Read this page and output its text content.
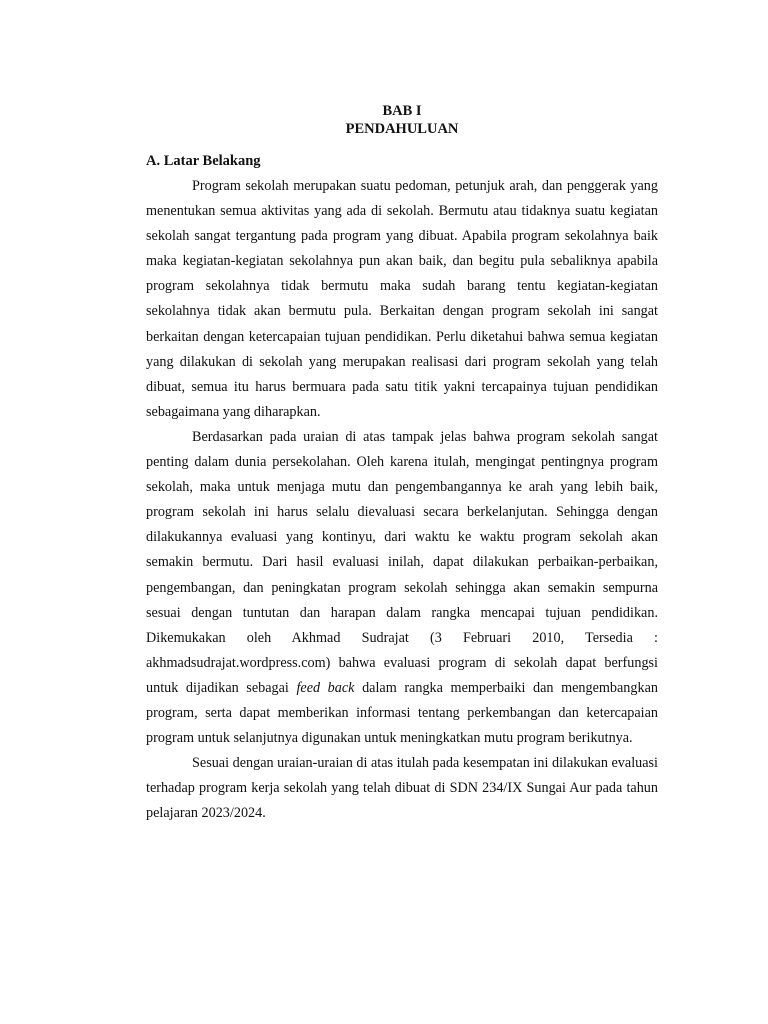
BAB I
PENDAHULUAN
A. Latar Belakang

Program sekolah merupakan suatu pedoman, petunjuk arah, dan penggerak yang menentukan semua aktivitas yang ada di sekolah. Bermutu atau tidaknya suatu kegiatan sekolah sangat tergantung pada program yang dibuat. Apabila program sekolahnya baik maka kegiatan-kegiatan sekolahnya pun akan baik, dan begitu pula sebaliknya apabila program sekolahnya tidak bermutu maka sudah barang tentu kegiatan-kegiatan sekolahnya tidak akan bermutu pula. Berkaitan dengan program sekolah ini sangat berkaitan dengan ketercapaian tujuan pendidikan. Perlu diketahui bahwa semua kegiatan yang dilakukan di sekolah yang merupakan realisasi dari program sekolah yang telah dibuat, semua itu harus bermuara pada satu titik yakni tercapainya tujuan pendidikan sebagaimana yang diharapkan.

Berdasarkan pada uraian di atas tampak jelas bahwa program sekolah sangat penting dalam dunia persekolahan. Oleh karena itulah, mengingat pentingnya program sekolah, maka untuk menjaga mutu dan pengembangannya ke arah yang lebih baik, program sekolah ini harus selalu dievaluasi secara berkelanjutan. Sehingga dengan dilakukannya evaluasi yang kontinyu, dari waktu ke waktu program sekolah akan semakin bermutu. Dari hasil evaluasi inilah, dapat dilakukan perbaikan-perbaikan, pengembangan, dan peningkatan program sekolah sehingga akan semakin sempurna sesuai dengan tuntutan dan harapan dalam rangka mencapai tujuan pendidikan. Dikemukakan oleh Akhmad Sudrajat (3 Februari 2010, Tersedia : akhmadsudrajat.wordpress.com) bahwa evaluasi program di sekolah dapat berfungsi untuk dijadikan sebagai feed back dalam rangka memperbaiki dan mengembangkan program, serta dapat memberikan informasi tentang perkembangan dan ketercapaian program untuk selanjutnya digunakan untuk meningkatkan mutu program berikutnya.

Sesuai dengan uraian-uraian di atas itulah pada kesempatan ini dilakukan evaluasi terhadap program kerja sekolah yang telah dibuat di SDN 234/IX Sungai Aur pada tahun pelajaran 2023/2024.
